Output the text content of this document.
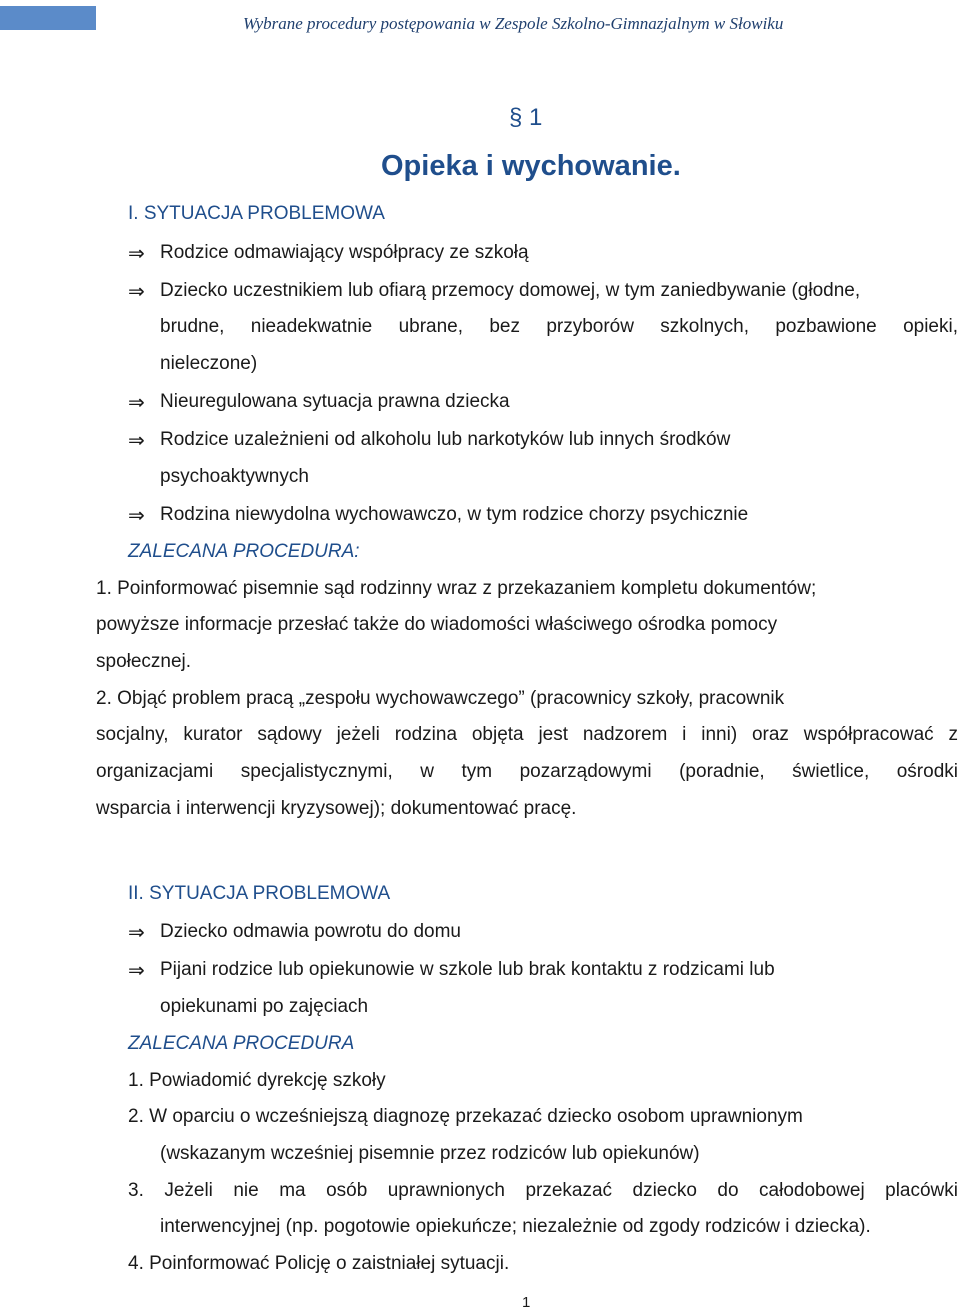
Wybrane procedury postępowania w Zespole Szkolno-Gimnazjalnym w Słowiku
§ 1
Opieka i wychowanie.
I. SYTUACJA PROBLEMOWA
⇒ Rodzice odmawiający współpracy ze szkołą
⇒ Dziecko uczestnikiem lub ofiarą przemocy domowej, w tym zaniedbywanie (głodne,
brudne, nieadekwatnie ubrane, bez przyborów szkolnych, pozbawione opieki,
nieleczone)
⇒ Nieuregulowana sytuacja prawna dziecka
⇒ Rodzice uzależnieni od alkoholu lub narkotyków lub innych środków
psychoaktywnych
⇒ Rodzina niewydolna wychowawczo, w tym rodzice chorzy psychicznie
ZALECANA PROCEDURA:
1. Poinformować pisemnie sąd rodzinny wraz z przekazaniem kompletu dokumentów;
powyższe informacje przesłać także do wiadomości właściwego ośrodka pomocy
społecznej.
2. Objąć problem pracą „zespołu wychowawczego” (pracownicy szkoły, pracownik
socjalny, kurator sądowy jeżeli rodzina objęta jest nadzorem i inni) oraz współpracować z
organizacjami specjalistycznymi, w tym pozarządowymi (poradnie, świetlice, ośrodki
wsparcia i interwencji kryzysowej); dokumentować pracę.
II. SYTUACJA PROBLEMOWA
⇒ Dziecko odmawia powrotu do domu
⇒ Pijani rodzice lub opiekunowie w szkole lub brak kontaktu z rodzicami lub
opiekunami po zajęciach
ZALECANA PROCEDURA
1. Powiadomić dyrekcję szkoły
2. W oparciu o wcześniejszą diagnozę przekazać dziecko osobom uprawnionym
(wskazanym wcześniej pisemnie przez rodziców lub opiekunów)
3. Jeżeli nie ma osób uprawnionych przekazać dziecko do całodobowej placówki
interwencyjnej (np. pogotowie opiekuńcze; niezależnie od zgody rodziców i dziecka).
4. Poinformować Policję o zaistniałej sytuacji.
1
